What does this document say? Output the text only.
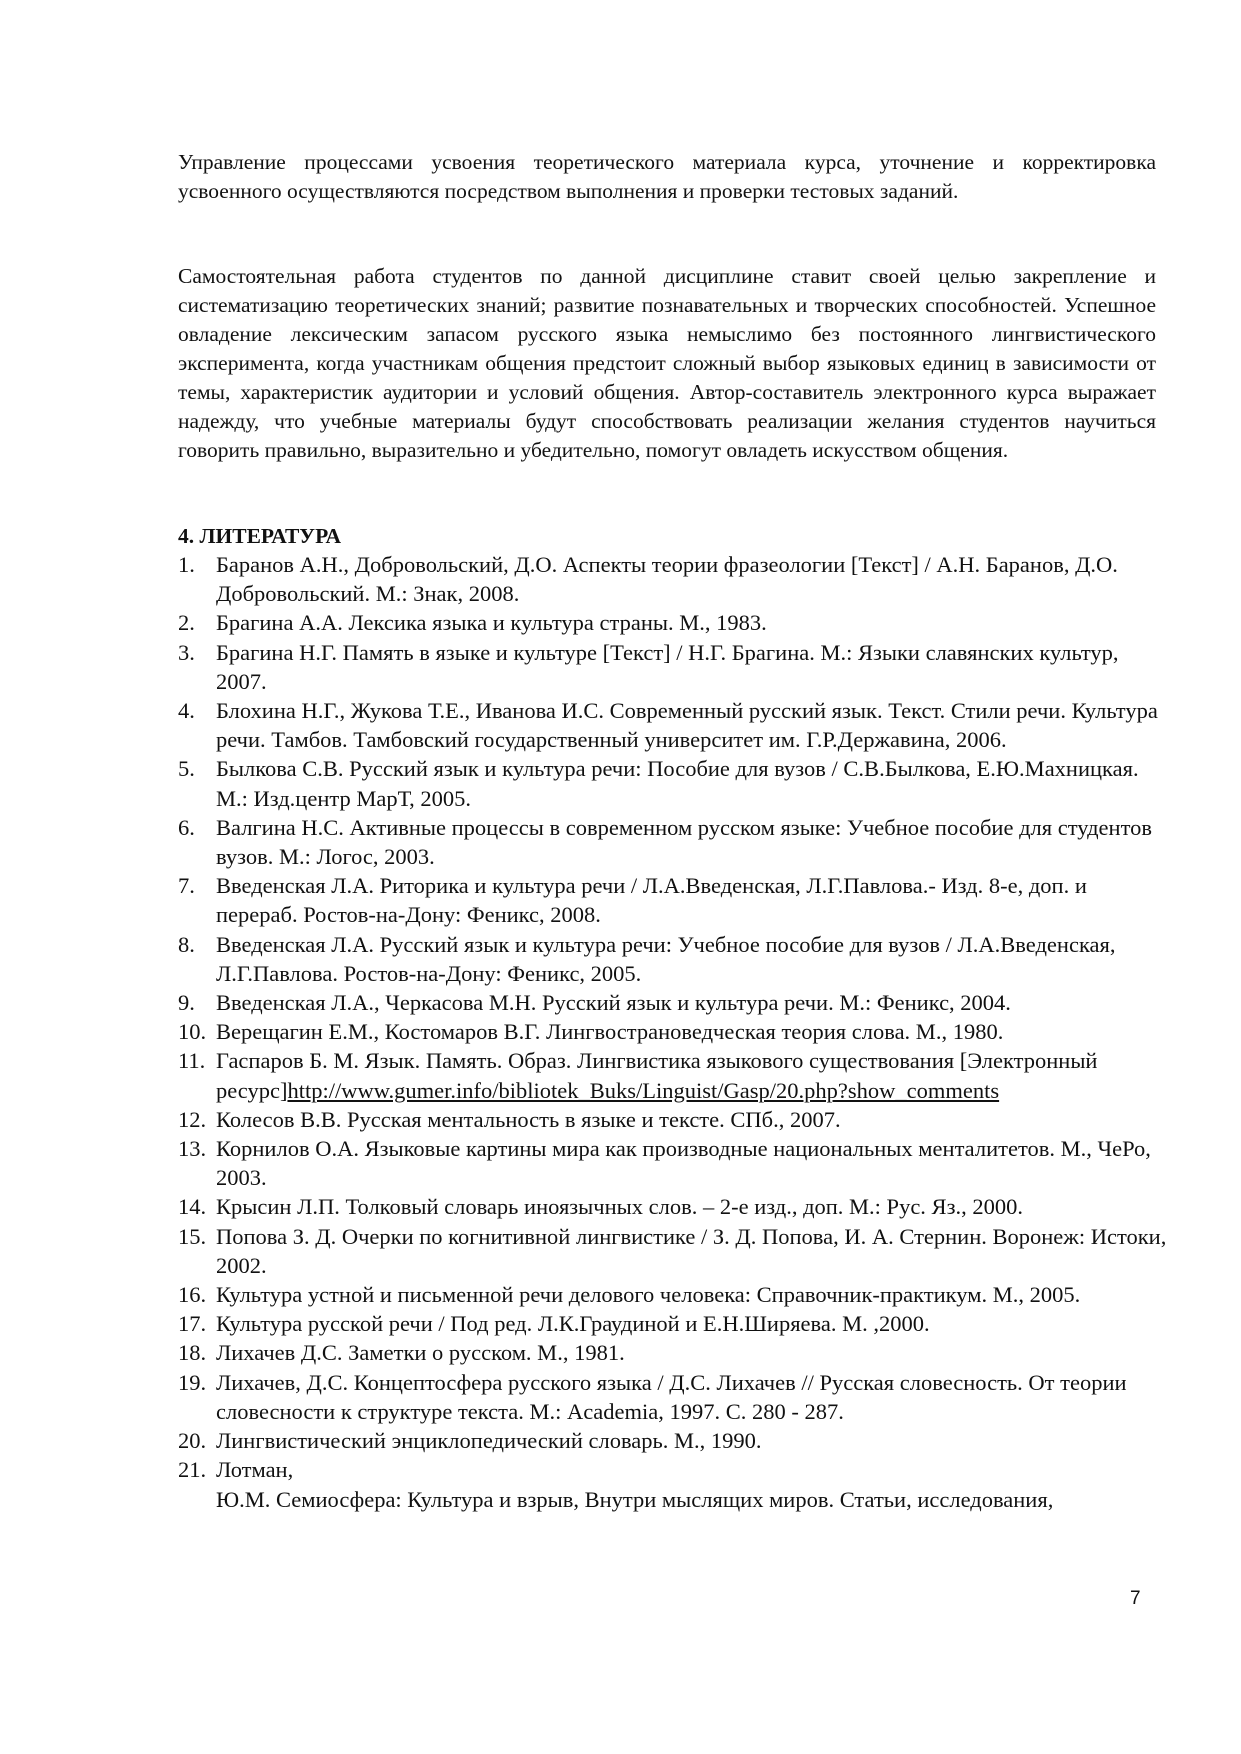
Управление процессами усвоения теоретического материала курса, уточнение и корректировка усвоенного осуществляются посредством выполнения и проверки тестовых заданий.

Самостоятельная работа студентов по данной дисциплине ставит своей целью закрепление и систематизацию теоретических знаний; развитие познавательных и творческих способностей. Успешное овладение лексическим запасом русского языка немыслимо без постоянного лингвистического эксперимента, когда участникам общения предстоит сложный выбор языковых единиц в зависимости от темы, характеристик аудитории и условий общения. Автор-составитель электронного курса выражает надежду, что учебные материалы будут способствовать реализации желания студентов научиться говорить правильно, выразительно и убедительно, помогут овладеть искусством общения.

4. ЛИТЕРАТУРА
1. Баранов А.Н., Добровольский, Д.О. Аспекты теории фразеологии [Текст] / А.Н. Баранов, Д.О. Добровольский. М.: Знак, 2008.
2. Брагина А.А. Лексика языка и культура страны. М., 1983.
3. Брагина Н.Г. Память в языке и культуре [Текст] / Н.Г. Брагина. М.: Языки славянских культур, 2007.
4. Блохина Н.Г., Жукова Т.Е., Иванова И.С. Современный русский язык. Текст. Стили речи. Культура речи. Тамбов. Тамбовский государственный университет им. Г.Р.Державина, 2006.
5. Былкова С.В. Русский язык и культура речи: Пособие для вузов / С.В.Былкова, Е.Ю.Махницкая. М.: Изд.центр МарТ, 2005.
6. Валгина Н.С. Активные процессы в современном русском языке: Учебное пособие для студентов вузов. М.: Логос, 2003.
7. Введенская Л.А. Риторика и культура речи / Л.А.Введенская, Л.Г.Павлова.- Изд. 8-е, доп. и перераб. Ростов-на-Дону: Феникс, 2008.
8. Введенская Л.А. Русский язык и культура речи: Учебное пособие для вузов / Л.А.Введенская, Л.Г.Павлова. Ростов-на-Дону: Феникс, 2005.
9. Введенская Л.А., Черкасова М.Н. Русский язык и культура речи. М.: Феникс, 2004.
10. Верещагин Е.М., Костомаров В.Г. Лингвострановедческая теория слова. М., 1980.
11. Гаспаров Б. М. Язык. Память. Образ. Лингвистика языкового существования [Электронный ресурс]http://www.gumer.info/bibliotek_Buks/Linguist/Gasp/20.php?show_comments
12. Колесов В.В. Русская ментальность в языке и тексте. СПб., 2007.
13. Корнилов О.А. Языковые картины мира как производные национальных менталитетов. М., ЧеРо, 2003.
14. Крысин Л.П. Толковый словарь иноязычных слов. – 2-е изд., доп. М.: Рус. Яз., 2000.
15. Попова З. Д. Очерки по когнитивной лингвистике / З. Д. Попова, И. А. Стернин. Воронеж: Истоки, 2002.
16. Культура устной и письменной речи делового человека: Справочник-практикум. М., 2005.
17. Культура русской речи / Под ред. Л.К.Граудиной и Е.Н.Ширяева. М. ,2000.
18. Лихачев Д.С. Заметки о русском. М., 1981.
19. Лихачев, Д.С. Концептосфера русского языка / Д.С. Лихачев // Русская словесность. От теории словесности к структуре текста. М.: Academia, 1997. С. 280 - 287.
20. Лингвистический энциклопедический словарь. М., 1990.
21. Лотман,
Ю.М. Семиосфера: Культура и взрыв, Внутри мыслящих миров. Статьи, исследования,
7
